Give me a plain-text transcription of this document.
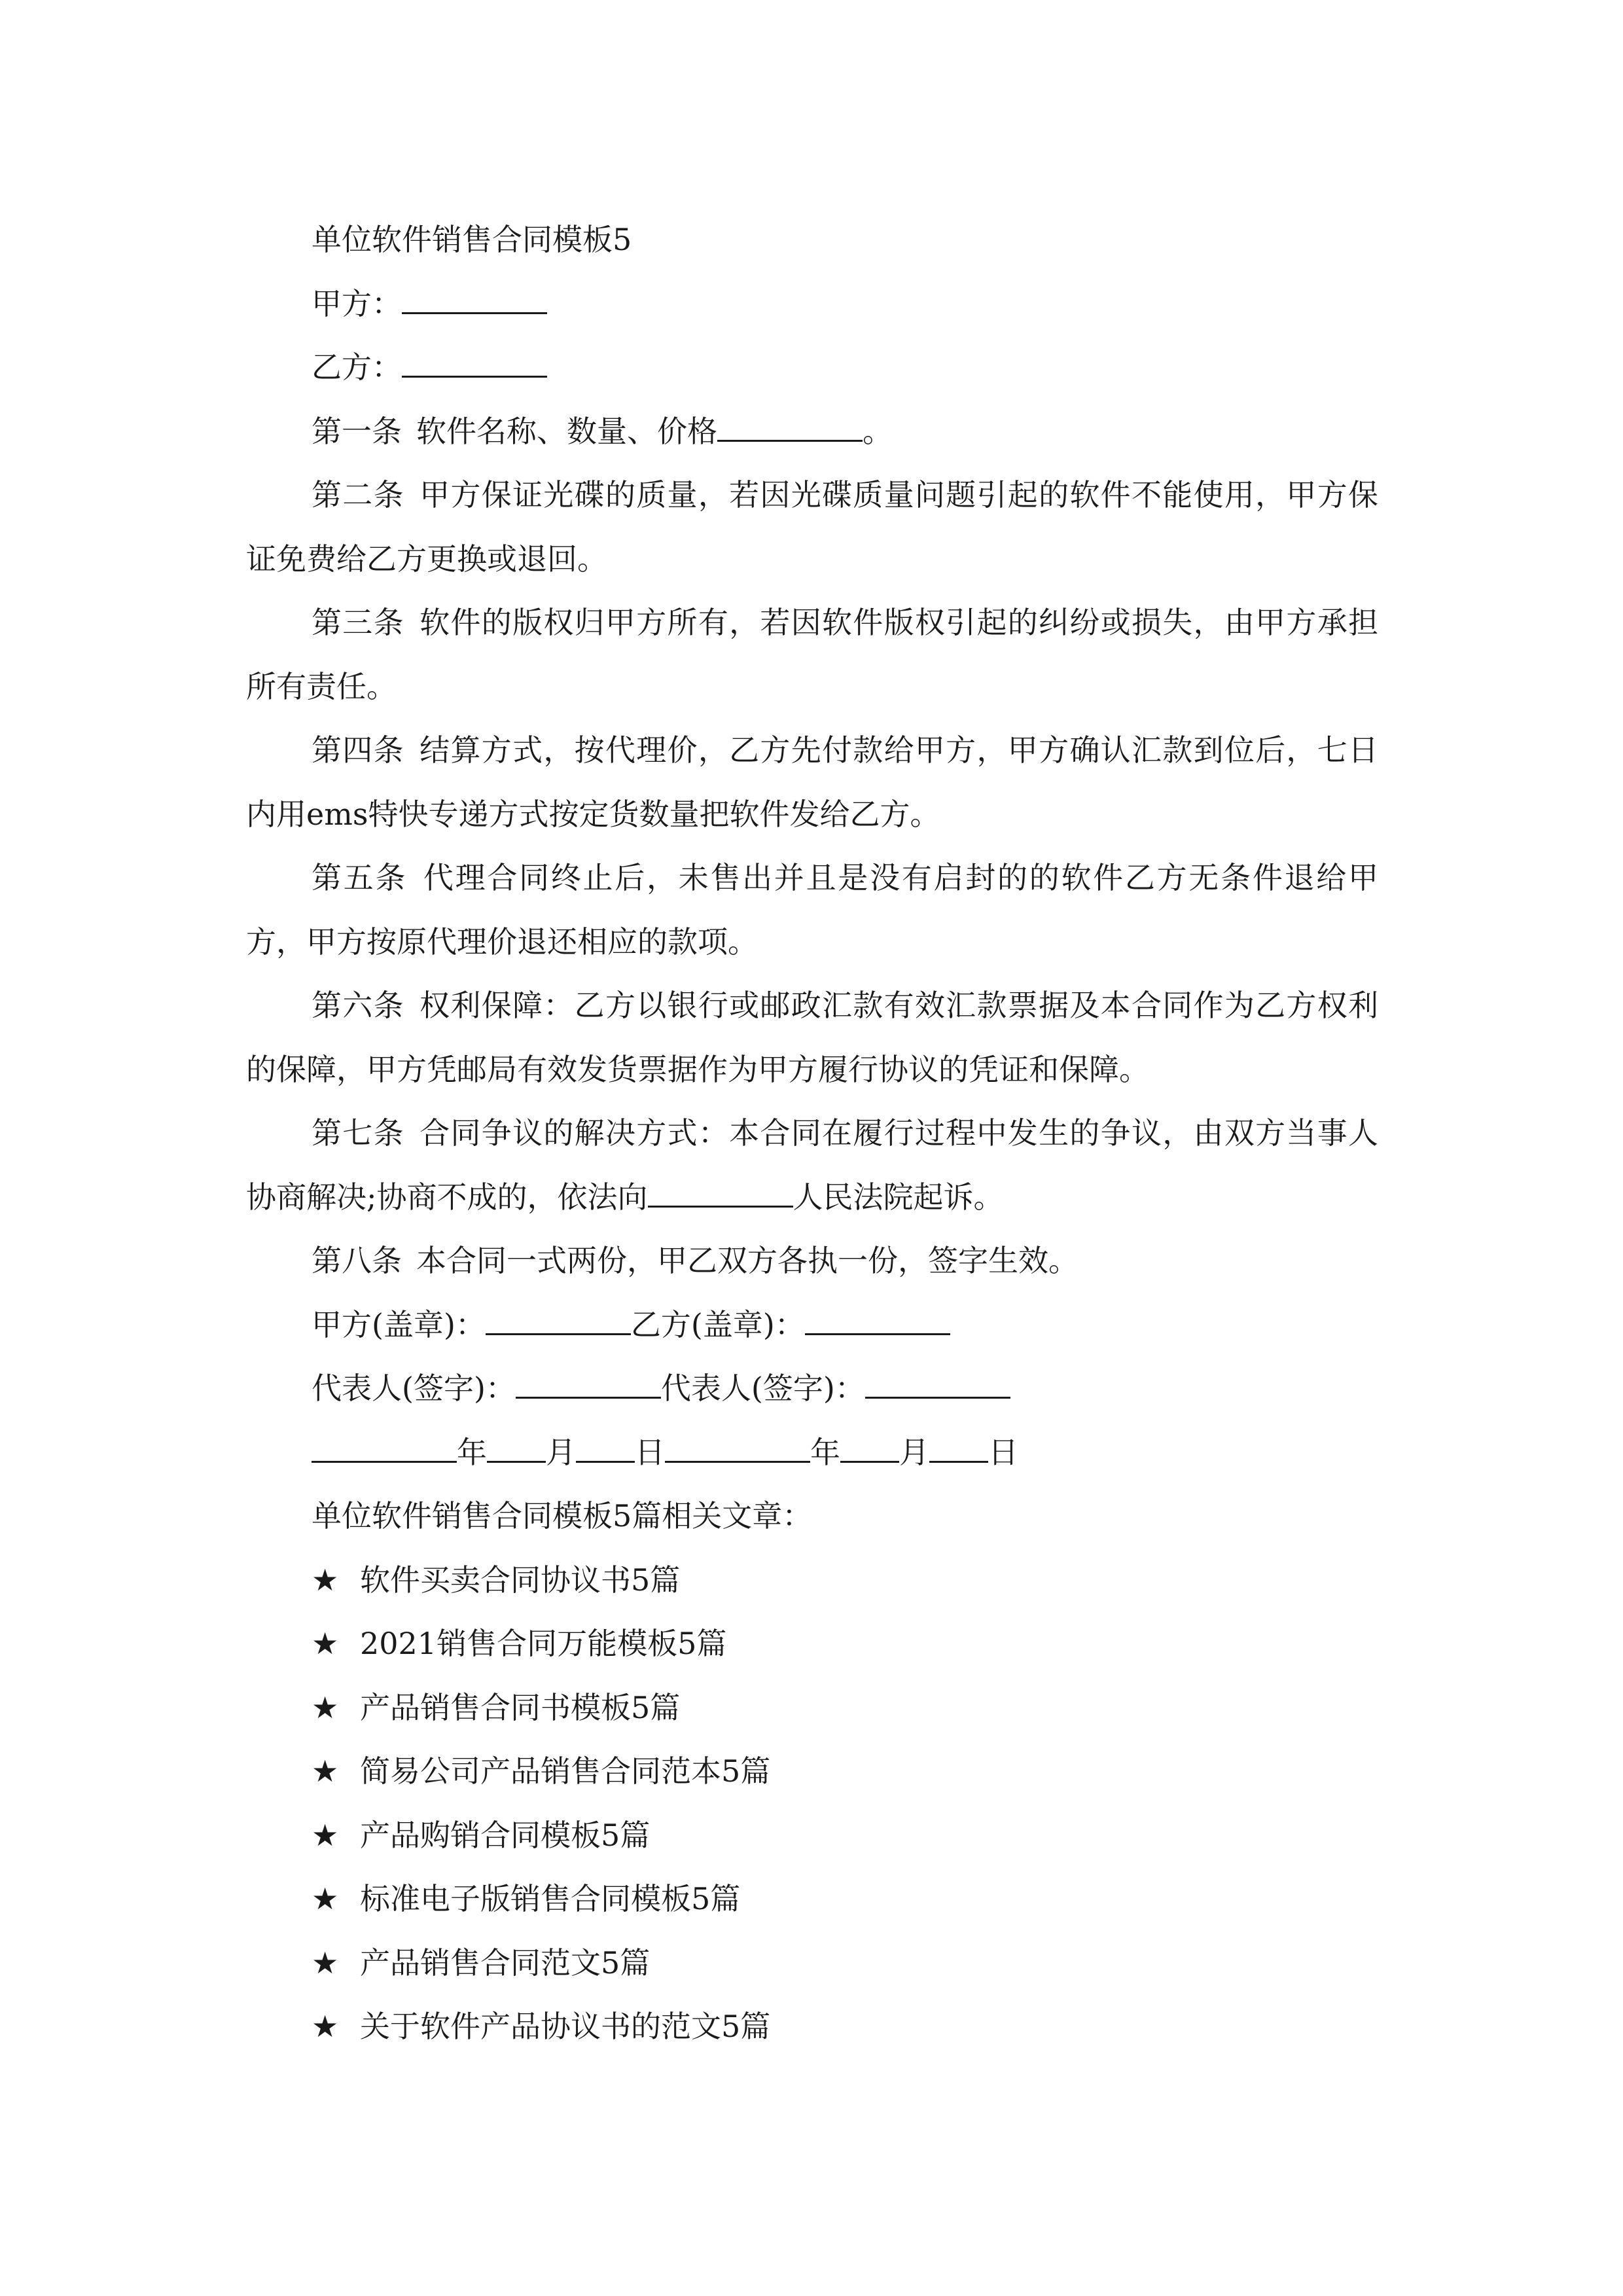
单位软件销售合同模板5

甲方：

乙方：

第一条 软件名称、数量、价格	。

第二条 甲方保证光碟的质量，若因光碟质量问题引起的软件不能使用，甲方保证免费给乙方更换或退回。

第三条 软件的版权归甲方所有，若因软件版权引起的纠纷或损失，由甲方承担所有责任。

第四条 结算方式，按代理价，乙方先付款给甲方，甲方确认汇款到位后，七日内用ems特快专递方式按定货数量把软件发给乙方。

第五条 代理合同终止后，未售出并且是没有启封的的软件乙方无条件退给甲方，甲方按原代理价退还相应的款项。

第六条 权利保障：乙方以银行或邮政汇款有效汇款票据及本合同作为乙方权利的保障，甲方凭邮局有效发货票据作为甲方履行协议的凭证和保障。

第七条 合同争议的解决方式：本合同在履行过程中发生的争议，由双方当事人协商解决;协商不成的，依法向	人民法院起诉。

第八条 本合同一式两份，甲乙双方各执一份，签字生效。

甲方(盖章)：	乙方(盖章)：

代表人(签字)：	代表人(签字)：

年 月 日	年 月 日

单位软件销售合同模板5篇相关文章：

★ 软件买卖合同协议书5篇

★ 2021销售合同万能模板5篇

★ 产品销售合同书模板5篇

★ 简易公司产品销售合同范本5篇

★ 产品购销合同模板5篇

★ 标准电子版销售合同模板5篇

★ 产品销售合同范文5篇

★ 关于软件产品协议书的范文5篇
